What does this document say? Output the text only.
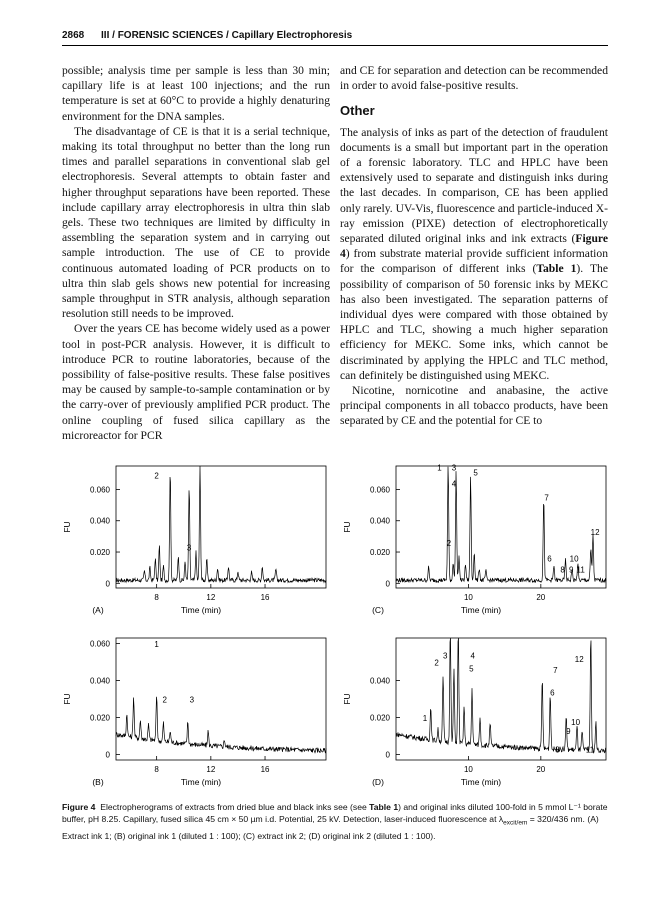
2868 III / FORENSIC SCIENCES / Capillary Electrophoresis

possible; analysis time per sample is less than 30 min; capillary life is at least 100 injections; and the run temperature is set at 60°C to provide a highly denaturing environment for the DNA samples.

The disadvantage of CE is that it is a serial technique, making its total throughput no better than the long run times and parallel separations in conventional slab gel electrophoresis. Several attempts to obtain faster and higher throughput separations have been reported. These include capillary array electrophoresis in ultra thin slab gels. These two techniques are limited by difficulty in assembling the separation system and in carrying out sample introduction. The use of CE to provide continuous automated loading of PCR products on to ultra thin slab gels shows new potential for increasing sample throughput in STR analysis, although separation resolution still needs to be improved.

Over the years CE has become widely used as a power tool in post-PCR analysis. However, it is difficult to introduce PCR to routine laboratories, because of the possibility of false-positive results. These false positives may be caused by sample-to-sample contamination or by the carry-over of previously amplified PCR product. The online coupling of fused silica capillary as the microreactor for PCR

and CE for separation and detection can be recommended in order to avoid false-positive results.

Other

The analysis of inks as part of the detection of fraudulent documents is a small but important part in the operation of a forensic laboratory. TLC and HPLC have been extensively used to separate and distinguish inks during the last decades. In comparison, CE has been applied only rarely. UV-Vis, fluorescence and particle-induced X-ray emission (PIXE) detection of electrophoretically separated diluted original inks and ink extracts (Figure 4) from substrate material provide sufficient information for the comparison of different inks (Table 1). The possibility of comparison of 50 forensic inks by MEKC has also been investigated. The separation patterns of individual dyes were compared with those obtained by HPLC and TLC, showing a much higher separation efficiency for MEKC. Some inks, which cannot be discriminated by applying the HPLC and TLC method, can definitely be distinguished using MEKC.

Nicotine, nornicotine and anabasine, the active principal components in all tobacco products, have been separated by CE and the potential for CE to

0
0.020
0.040
0.060
8	12	16
Time (min)
FU
(A)
2
3
0
0.020
0.040
0.060
10	20
Time (min)
FU
(C)
1 3
4
5
7
12
2
6 10
8 9 11
0
0.020
0.040
0.060
8	12	16
Time (min)
FU
(B)
1
2	3
0
0.020
0.040
10	20
Time (min)
FU
(D)
1
2
3	4
5	7
12
6
10
9
8	11
Figure 4 Electropherograms of extracts from dried blue and black inks see (see Table 1) and original inks diluted 100-fold in 5 mmol L⁻¹ borate buffer, pH 8.25. Capillary, fused silica 45 cm × 50 µm i.d. Potential, 25 kV. Detection, laser-induced fluorescence at $\lambda_{excit/em} = 320/436$ nm. (A) Extract ink 1; (B) original ink 1 (diluted 1 : 100); (C) extract ink 2; (D) original ink 2 (diluted 1 : 100).
